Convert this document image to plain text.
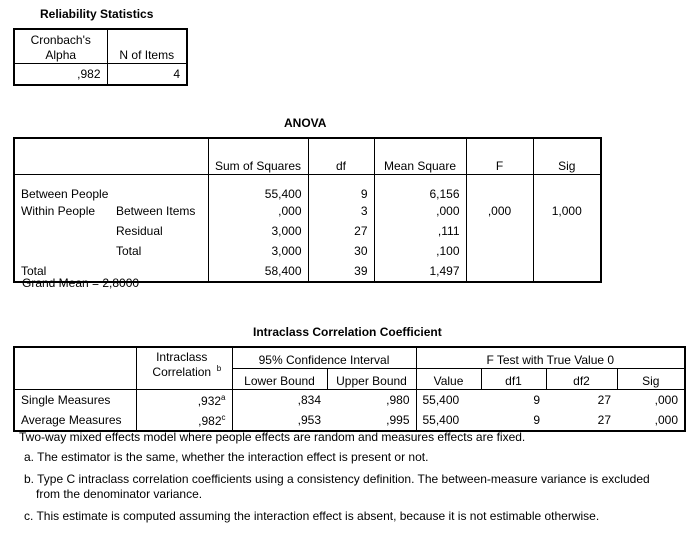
Reliability Statistics
Cronbach's Alpha	N of Items
,982	4
ANOVA
		Sum of Squares	df	Mean Square	F	Sig
Between People		55,400	9	6,156		
Within People	Between Items	,000	3	,000	,000	1,000
	Residual	3,000	27	,111		
	Total	3,000	30	,100		
Total		58,400	39	1,497		
Grand Mean = 2,8000
Intraclass Correlation Coefficient
	Intraclass Correlation $^b$	95% Confidence Interval		F Test with True Value 0			
		Lower Bound	Upper Bound	Value	df1	df2	Sig
Single Measures	,932$^a$	,834	,980	55,400	9	27	,000
Average Measures	,982$^c$	,953	,995	55,400	9	27	,000
Two-way mixed effects model where people effects are random and measures effects are fixed.
a. The estimator is the same, whether the interaction effect is present or not.
b. Type C intraclass correlation coefficients using a consistency definition. The between-measure variance is excluded from the denominator variance.
c. This estimate is computed assuming the interaction effect is absent, because it is not estimable otherwise.
